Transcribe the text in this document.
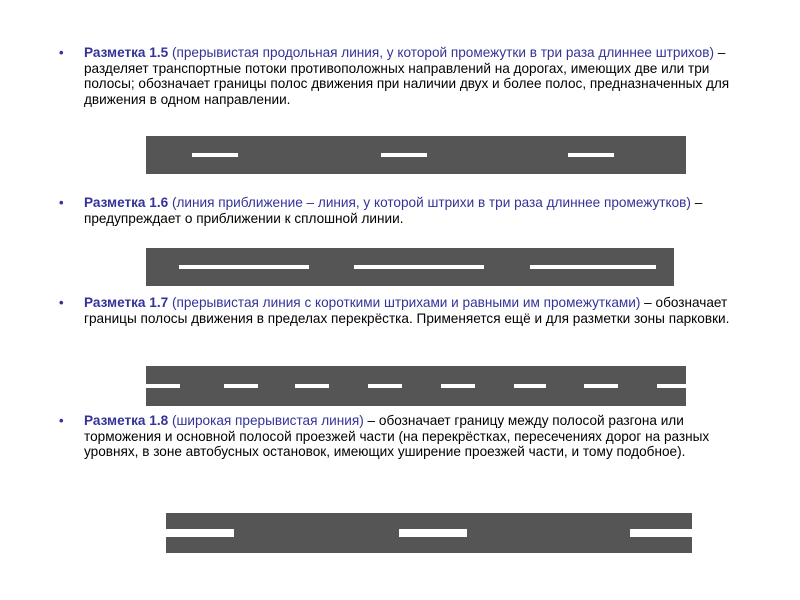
• Разметка 1.5 (прерывистая продольная линия, у которой промежутки в три раза длиннее штрихов) – разделяет транспортные потоки противоположных направлений на дорогах, имеющих две или три полосы; обозначает границы полос движения при наличии двух и более полос, предназначенных для движения в одном направлении.

• Разметка 1.6 (линия приближение – линия, у которой штрихи в три раза длиннее промежутков) – предупреждает о приближении к сплошной линии.

• Разметка 1.7 (прерывистая линия с короткими штрихами и равными им промежутками) – обозначает границы полосы движения в пределах перекрёстка. Применяется ещё и для разметки зоны парковки.

• Разметка 1.8 (широкая прерывистая линия) – обозначает границу между полосой разгона или торможения и основной полосой проезжей части (на перекрёстках, пересечениях дорог на разных уровнях, в зоне автобусных остановок, имеющих уширение проезжей части, и тому подобное).
